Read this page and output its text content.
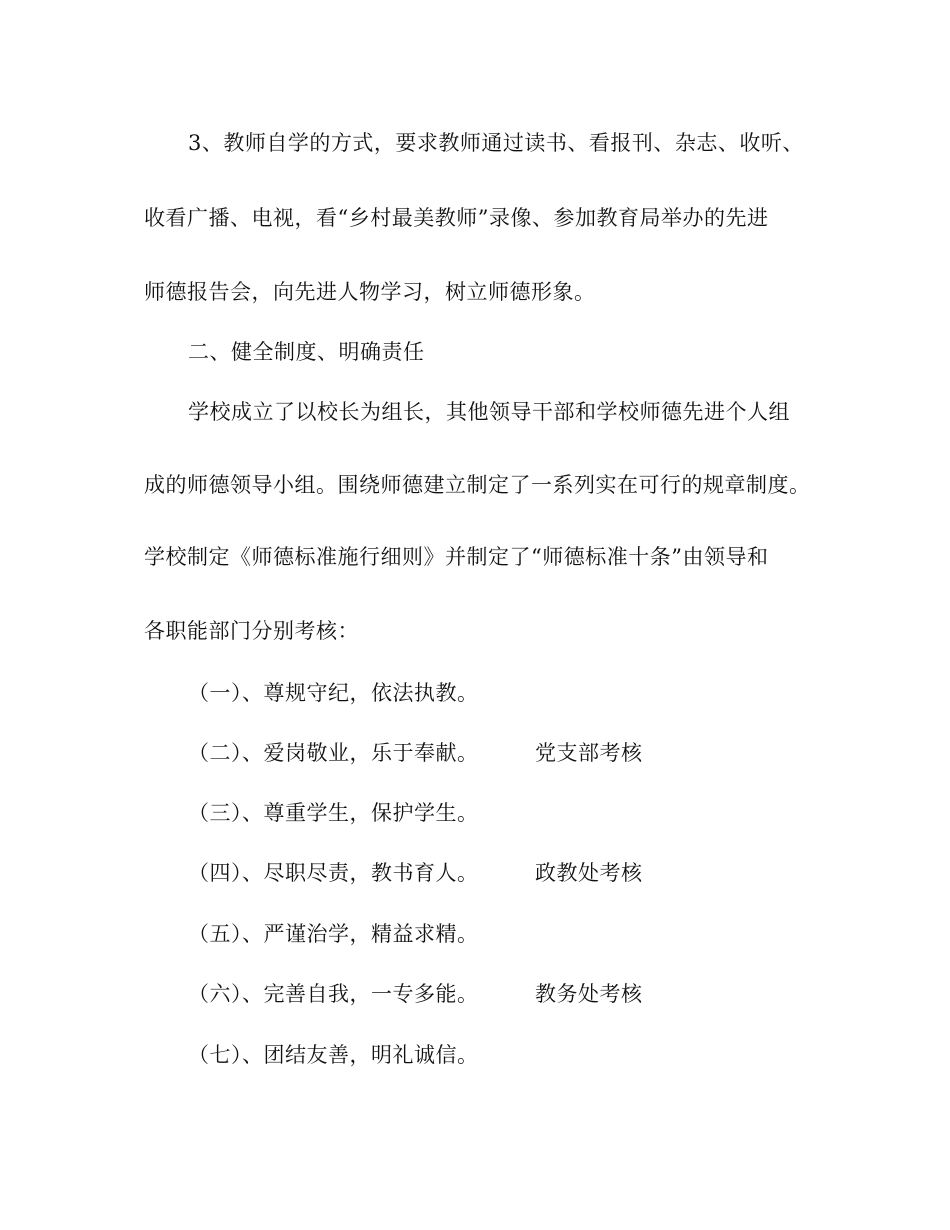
3、教师自学的方式，要求教师通过读书、看报刊、杂志、收听、
收看广播、电视，看“乡村最美教师”录像、参加教育局举办的先进
师德报告会，向先进人物学习，树立师德形象。
二、健全制度、明确责任
学校成立了以校长为组长，其他领导干部和学校师德先进个人组
成的师德领导小组。围绕师德建立制定了一系列实在可行的规章制度。
学校制定《师德标准施行细则》并制定了“师德标准十条”由领导和
各职能部门分别考核：
（一）、尊规守纪，依法执教。
（二）、爱岗敬业，乐于奉献。	党支部考核
（三）、尊重学生，保护学生。
（四）、尽职尽责，教书育人。	政教处考核
（五）、严谨治学，精益求精。
（六）、完善自我，一专多能。	教务处考核
（七）、团结友善，明礼诚信。
